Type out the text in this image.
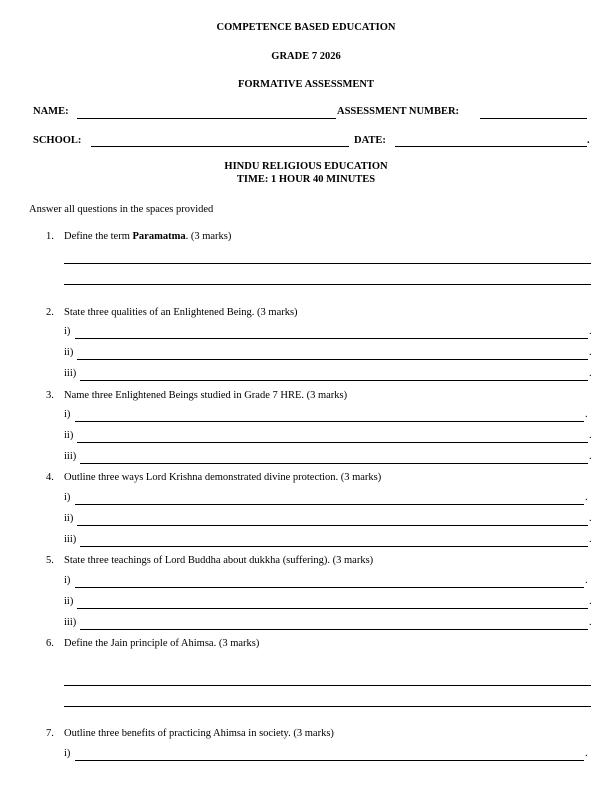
COMPETENCE BASED EDUCATION
GRADE 7 2026
FORMATIVE ASSESSMENT
NAME:	ASSESSMENT NUMBER:
SCHOOL:	DATE:	.
HINDU RELIGIOUS EDUCATION
TIME: 1 HOUR 40 MINUTES
Answer all questions in the spaces provided
1. Define the term Paramatma. (3 marks)
2. State three qualities of an Enlightened Being. (3 marks)
i)	.
ii)	.
iii)	.
3. Name three Enlightened Beings studied in Grade 7 HRE. (3 marks)
i)	.
ii)	.
iii)	.
4. Outline three ways Lord Krishna demonstrated divine protection. (3 marks)
i)	.
ii)	.
iii)	.
5. State three teachings of Lord Buddha about dukkha (suffering). (3 marks)
i)	.
ii)	.
iii)	.
6. Define the Jain principle of Ahimsa. (3 marks)
7. Outline three benefits of practicing Ahimsa in society. (3 marks)
i)	.
